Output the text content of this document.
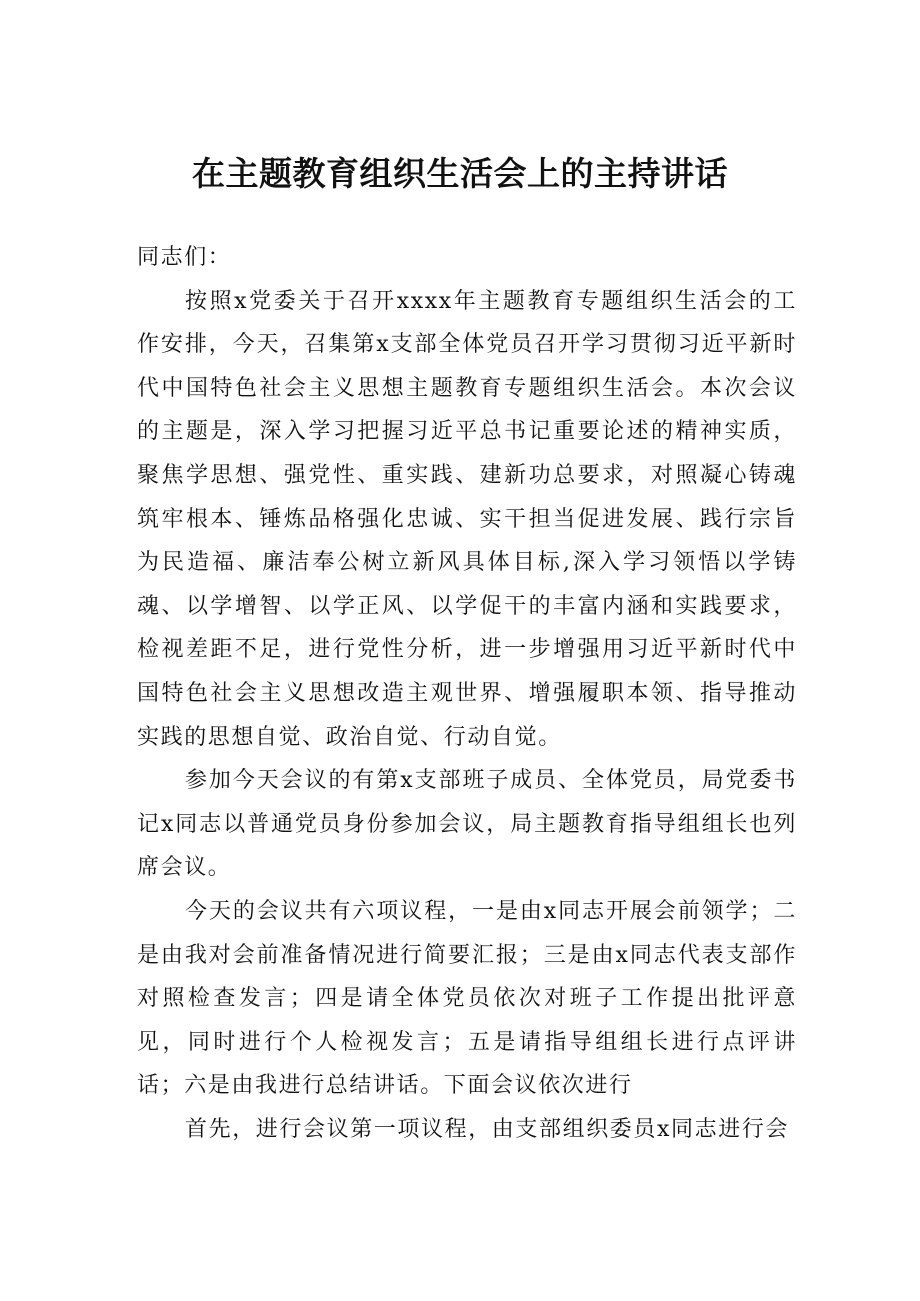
在主题教育组织生活会上的主持讲话

同志们：

按照x党委关于召开xxxx年主题教育专题组织生活会的工作安排，今天，召集第x支部全体党员召开学习贯彻习近平新时代中国特色社会主义思想主题教育专题组织生活会。本次会议的主题是，深入学习把握习近平总书记重要论述的精神实质，聚焦学思想、强党性、重实践、建新功总要求，对照凝心铸魂筑牢根本、锤炼品格强化忠诚、实干担当促进发展、践行宗旨为民造福、廉洁奉公树立新风具体目标,深入学习领悟以学铸魂、以学增智、以学正风、以学促干的丰富内涵和实践要求，检视差距不足，进行党性分析，进一步增强用习近平新时代中国特色社会主义思想改造主观世界、增强履职本领、指导推动实践的思想自觉、政治自觉、行动自觉。

参加今天会议的有第x支部班子成员、全体党员，局党委书记x同志以普通党员身份参加会议，局主题教育指导组组长也列席会议。

今天的会议共有六项议程，一是由x同志开展会前领学；二是由我对会前准备情况进行简要汇报；三是由x同志代表支部作对照检查发言；四是请全体党员依次对班子工作提出批评意见，同时进行个人检视发言；五是请指导组组长进行点评讲话；六是由我进行总结讲话。下面会议依次进行

首先，进行会议第一项议程，由支部组织委员x同志进行会
